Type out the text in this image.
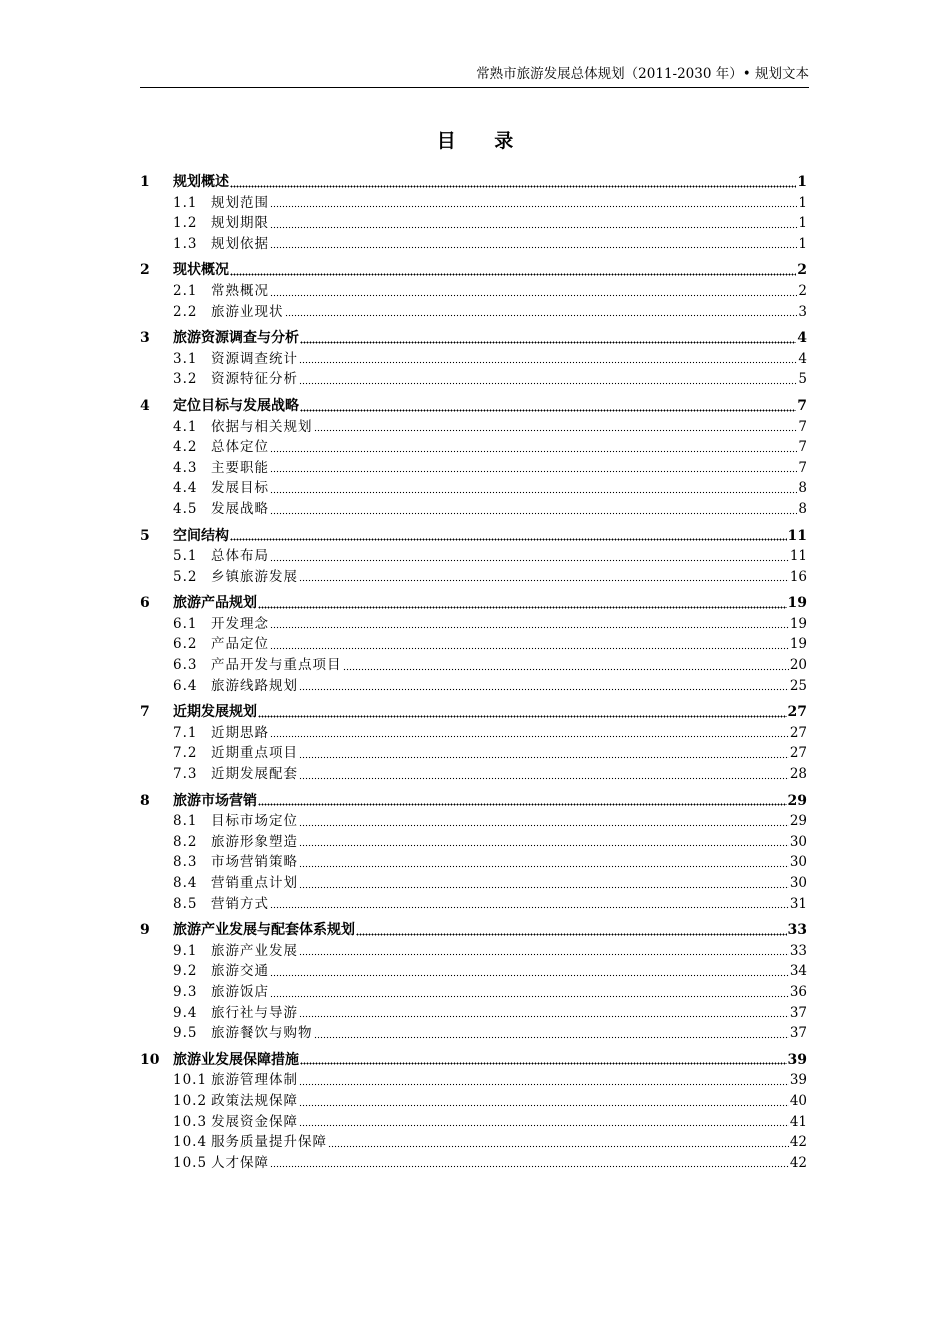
常熟市旅游发展总体规划（2011-2030 年）• 规划文本
目 录
1	规划概述	1
1.1	规划范围	1
1.2	规划期限	1
1.3	规划依据	1
2	现状概况	2
2.1	常熟概况	2
2.2	旅游业现状	3
3	旅游资源调查与分析	4
3.1	资源调查统计	4
3.2	资源特征分析	5
4	定位目标与发展战略	7
4.1	依据与相关规划	7
4.2	总体定位	7
4.3	主要职能	7
4.4	发展目标	8
4.5	发展战略	8
5	空间结构	11
5.1	总体布局	11
5.2	乡镇旅游发展	16
6	旅游产品规划	19
6.1	开发理念	19
6.2	产品定位	19
6.3	产品开发与重点项目	20
6.4	旅游线路规划	25
7	近期发展规划	27
7.1	近期思路	27
7.2	近期重点项目	27
7.3	近期发展配套	28
8	旅游市场营销	29
8.1	目标市场定位	29
8.2	旅游形象塑造	30
8.3	市场营销策略	30
8.4	营销重点计划	30
8.5	营销方式	31
9	旅游产业发展与配套体系规划	33
9.1	旅游产业发展	33
9.2	旅游交通	34
9.3	旅游饭店	36
9.4	旅行社与导游	37
9.5	旅游餐饮与购物	37
10 旅游业发展保障措施	39
10.1 旅游管理体制	39
10.2 政策法规保障	40
10.3 发展资金保障	41
10.4 服务质量提升保障	42
10.5 人才保障	42
